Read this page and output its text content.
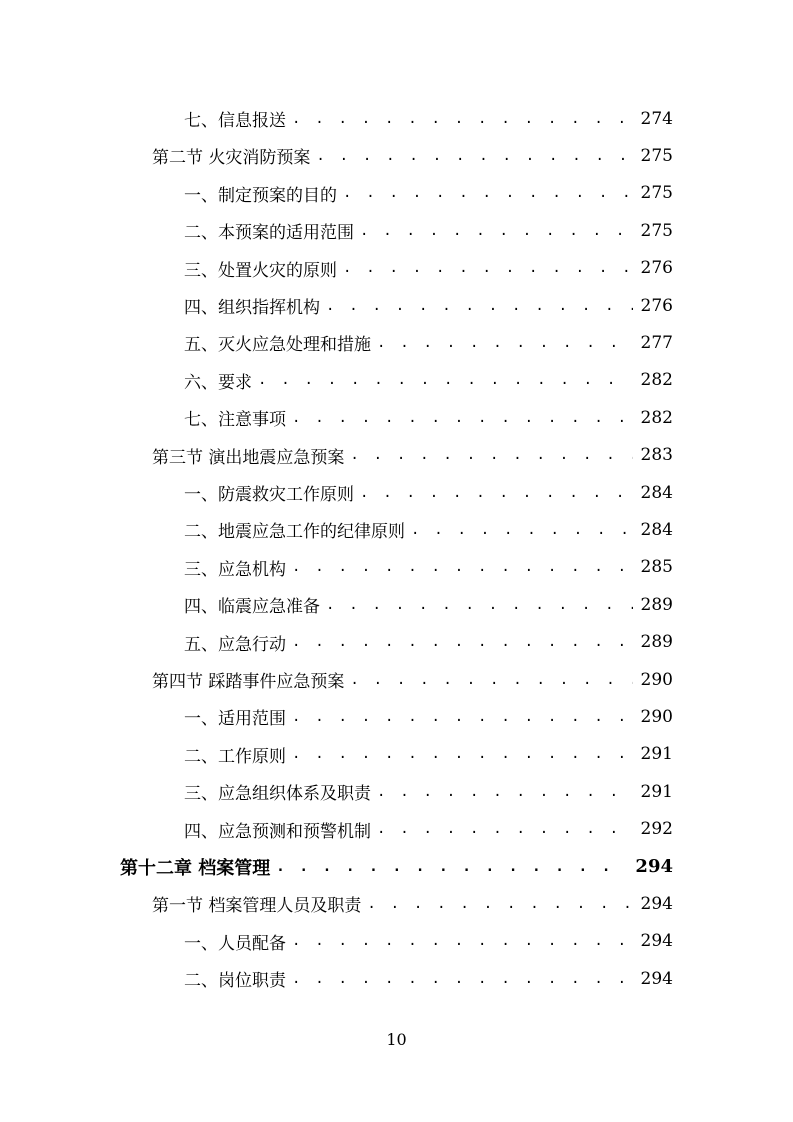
七、信息报送 . . .	274
第二节 火灾消防预案 . . .	275
一、制定预案的目的 . . .	275
二、本预案的适用范围 . . .	275
三、处置火灾的原则 . . .	276
四、组织指挥机构 . . .	276
五、灭火应急处理和措施 . . .	277
六、要求 . . .	282
七、注意事项 . . .	282
第三节 演出地震应急预案 . . .	283
一、防震救灾工作原则 . . .	284
二、地震应急工作的纪律原则 . . .	284
三、应急机构 . . .	285
四、临震应急准备 . . .	289
五、应急行动 . . .	289
第四节 踩踏事件应急预案 . . .	290
一、适用范围 . . .	290
二、工作原则 . . .	291
三、应急组织体系及职责 . . .	291
四、应急预测和预警机制 . . .	292
第十二章 档案管理 . . .	294
第一节 档案管理人员及职责 . . .	294
一、人员配备 . . .	294
二、岗位职责 . . .	294
10
